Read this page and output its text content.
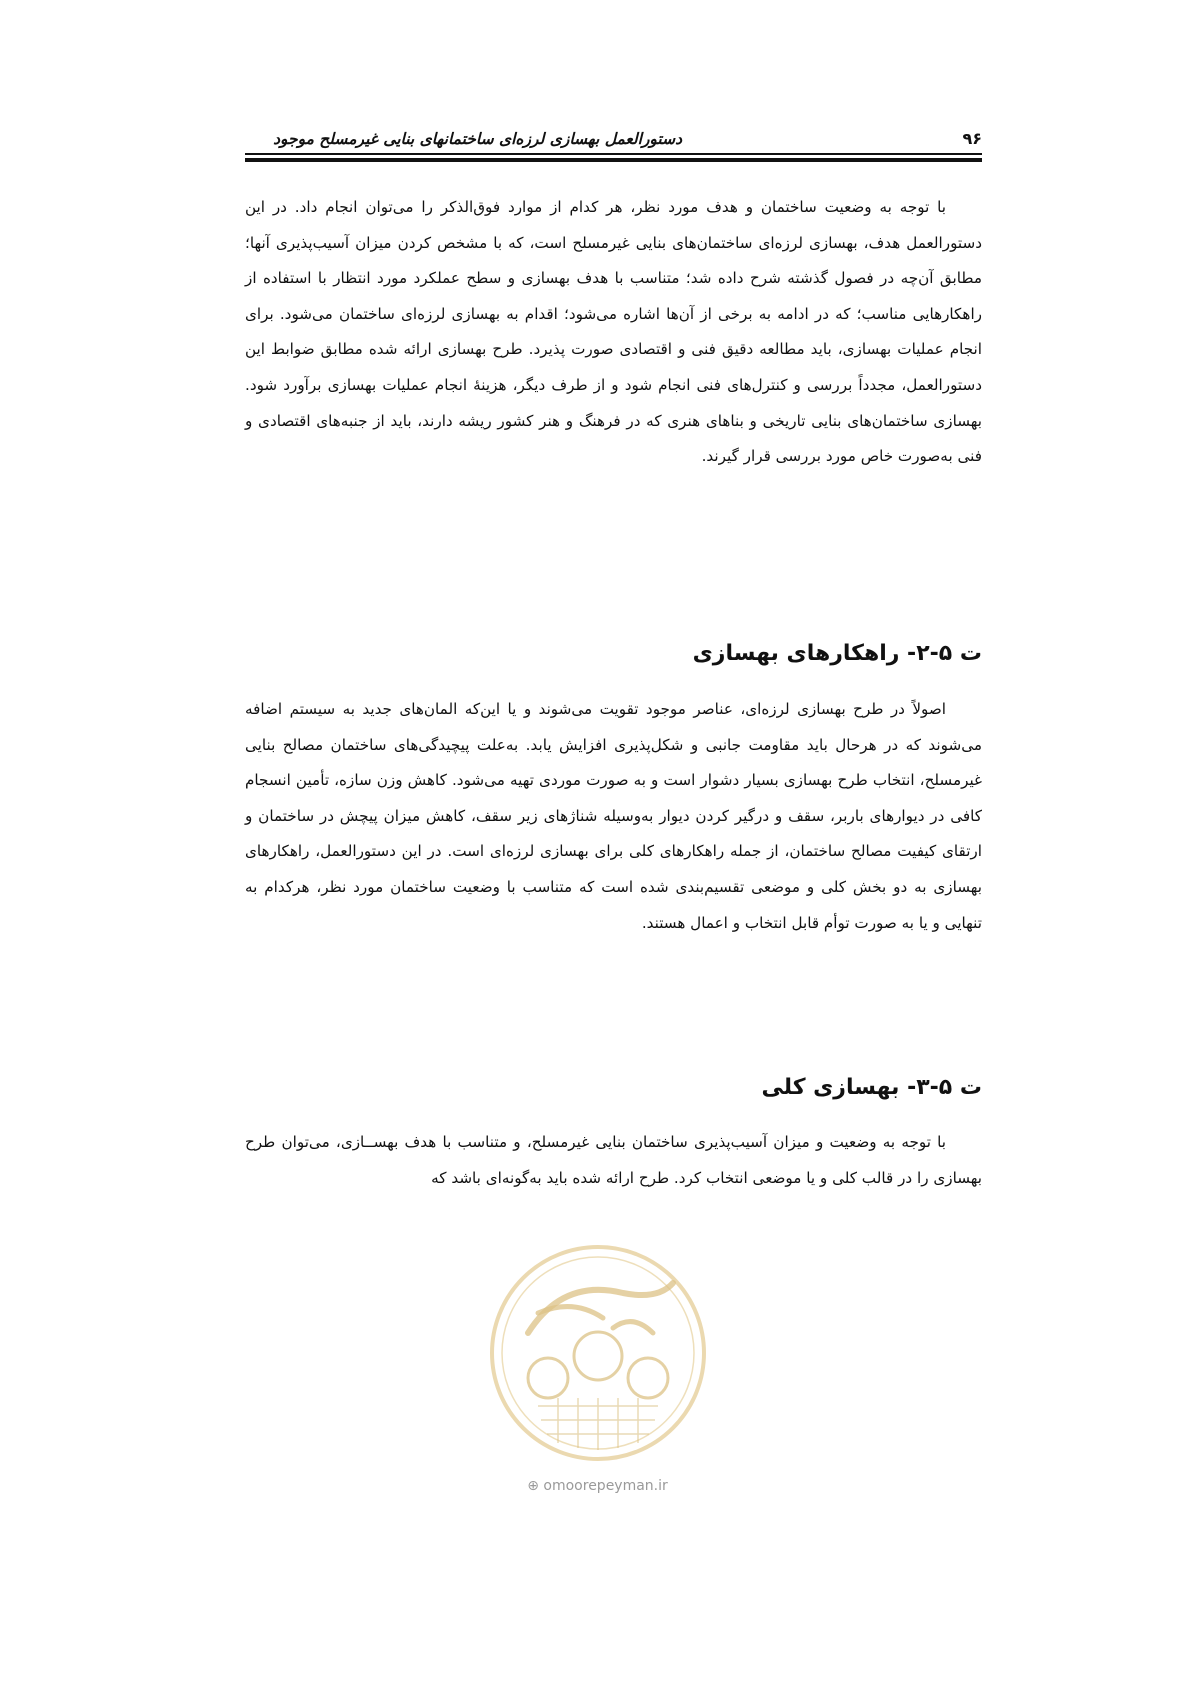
۹۶
دستورالعمل بهسازی لرزه‌ای ساختمانهای بنایی غیرمسلح موجود

با توجه به وضعیت ساختمان و هدف مورد نظر، هر کدام از موارد فوق‌الذکر را می‌توان انجام داد. در این دستورالعمل هدف، بهسازی لرزه‌ای ساختمان‌های بنایی غیرمسلح است، که با مشخص کردن میزان آسیب‌پذیری آنها؛ مطابق آن‌چه در فصول گذشته شرح داده شد؛ متناسب با هدف بهسازی و سطح عملکرد مورد انتظار با استفاده از راهکارهایی مناسب؛ که در ادامه به برخی از آن‌ها اشاره می‌شود؛ اقدام به بهسازی لرزه‌ای ساختمان می‌شود. برای انجام عملیات بهسازی، باید مطالعه دقیق فنی و اقتصادی صورت پذیرد. طرح بهسازی ارائه شده مطابق ضوابط این دستورالعمل، مجدداً بررسی و کنترل‌های فنی انجام شود و از طرف دیگر، هزینهٔ انجام عملیات بهسازی برآورد شود. بهسازی ساختمان‌های بنایی تاریخی و بناهای هنری که در فرهنگ و هنر کشور ریشه دارند، باید از جنبه‌های اقتصادی و فنی به‌صورت خاص مورد بررسی قرار گیرند.

ت ۵-۲- راهکارهای بهسازی

اصولاً در طرح بهسازی لرزه‌ای، عناصر موجود تقویت می‌شوند و یا این‌که المان‌های جدید به سیستم اضافه می‌شوند که در هرحال باید مقاومت جانبی و شکل‌پذیری افزایش یابد. به‌علت پیچیدگی‌های ساختمان مصالح بنایی غیرمسلح، انتخاب طرح بهسازی بسیار دشوار است و به صورت موردی تهیه می‌شود. کاهش وزن سازه، تأمین انسجام کافی در دیوارهای باربر، سقف و درگیر کردن دیوار به‌وسیله شناژهای زیر سقف، کاهش میزان پیچش در ساختمان و ارتقای کیفیت مصالح ساختمان، از جمله راهکارهای کلی برای بهسازی لرزه‌ای است. در این دستورالعمل، راهکارهای بهسازی به دو بخش کلی و موضعی تقسیم‌بندی شده است که متناسب با وضعیت ساختمان مورد نظر، هرکدام به تنهایی و یا به صورت توأم قابل انتخاب و اعمال هستند.

ت ۵-۳- بهسازی کلی

با توجه به وضعیت و میزان آسیب‌پذیری ساختمان بنایی غیرمسلح، و متناسب با هدف بهســازی، می‌توان طرح بهسازی را در قالب کلی و یا موضعی انتخاب کرد. طرح ارائه شده باید به‌گونه‌ای باشد که

⊕ omoorepeyman.ir
